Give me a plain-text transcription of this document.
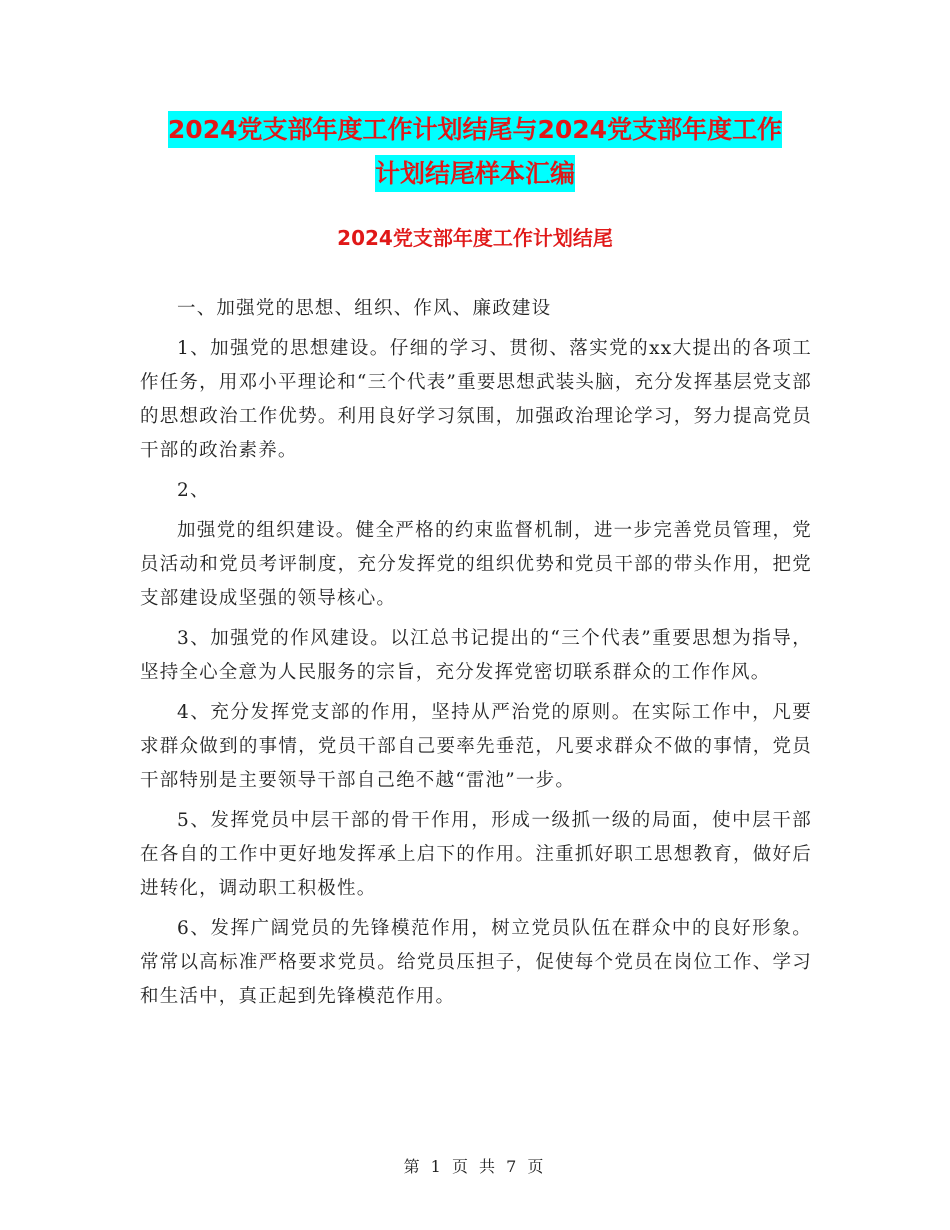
2024党支部年度工作计划结尾与2024党支部年度工作
计划结尾样本汇编
2024党支部年度工作计划结尾

一、加强党的思想、组织、作风、廉政建设

1、加强党的思想建设。仔细的学习、贯彻、落实党的xx大提出的各项工作任务，用邓小平理论和“三个代表”重要思想武装头脑，充分发挥基层党支部的思想政治工作优势。利用良好学习氛围，加强政治理论学习，努力提高党员干部的政治素养。

2、

加强党的组织建设。健全严格的约束监督机制，进一步完善党员管理，党员活动和党员考评制度，充分发挥党的组织优势和党员干部的带头作用，把党支部建设成坚强的领导核心。

3、加强党的作风建设。以江总书记提出的“三个代表”重要思想为指导，坚持全心全意为人民服务的宗旨，充分发挥党密切联系群众的工作作风。

4、充分发挥党支部的作用，坚持从严治党的原则。在实际工作中，凡要求群众做到的事情，党员干部自己要率先垂范，凡要求群众不做的事情，党员干部特别是主要领导干部自己绝不越“雷池”一步。

5、发挥党员中层干部的骨干作用，形成一级抓一级的局面，使中层干部在各自的工作中更好地发挥承上启下的作用。注重抓好职工思想教育，做好后进转化，调动职工积极性。

6、发挥广阔党员的先锋模范作用，树立党员队伍在群众中的良好形象。常常以高标准严格要求党员。给党员压担子，促使每个党员在岗位工作、学习和生活中，真正起到先锋模范作用。

第 1 页 共 7 页
